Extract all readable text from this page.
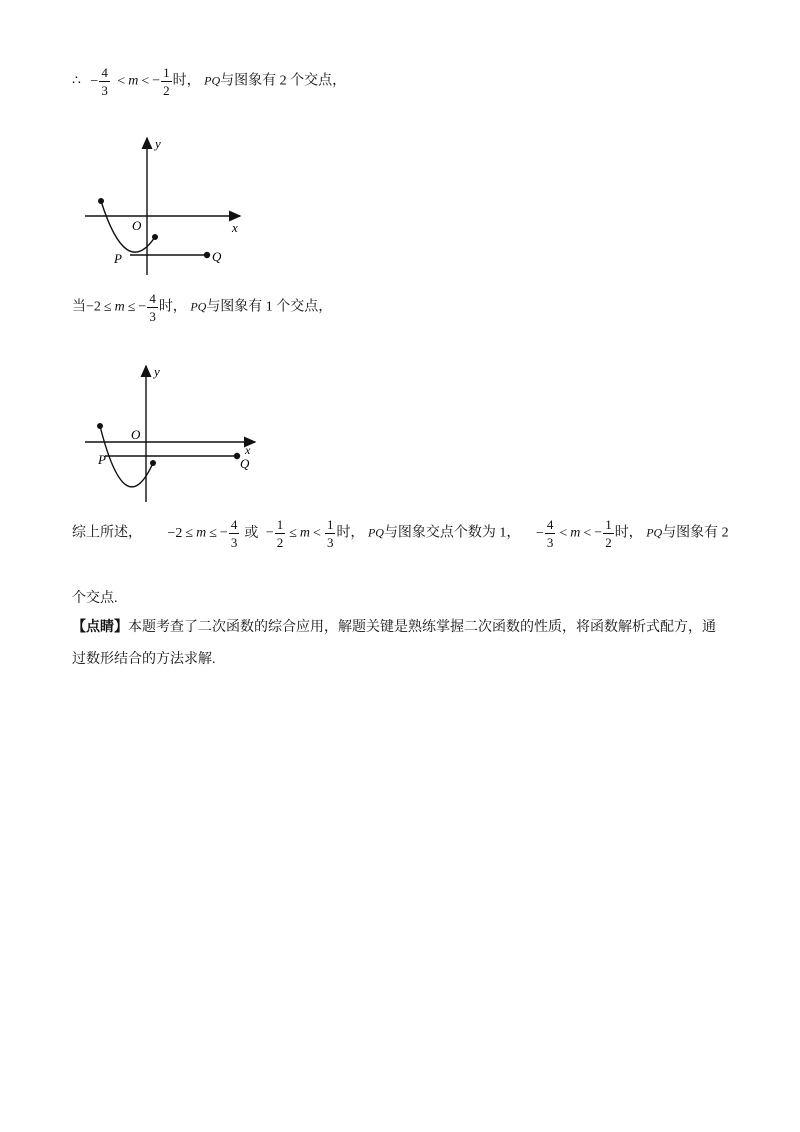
∴ − $\frac{4}{3} < m$ < − $\frac{1}{2}$ 时， PQ与图象有 2 个交点，
y
x
O
P	Q
当−2 ≤ m ≤ − $\frac{4}{3}$ 时， PQ与图象有 1 个交点，
y
x
O
P	Q
综上所述， −2 ≤ m ≤ − $\frac{4}{3}$ 或 − $\frac{1}{2} \le m < \frac{1}{3}$ 时， PQ与图象交点个数为 1， − $\frac{4}{3} < m$ < − $\frac{1}{2}$ 时， PQ与图象有 2
个交点.
【点睛】本题考查了二次函数的综合应用，解题关键是熟练掌握二次函数的性质，将函数解析式配方，通
过数形结合的方法求解.
